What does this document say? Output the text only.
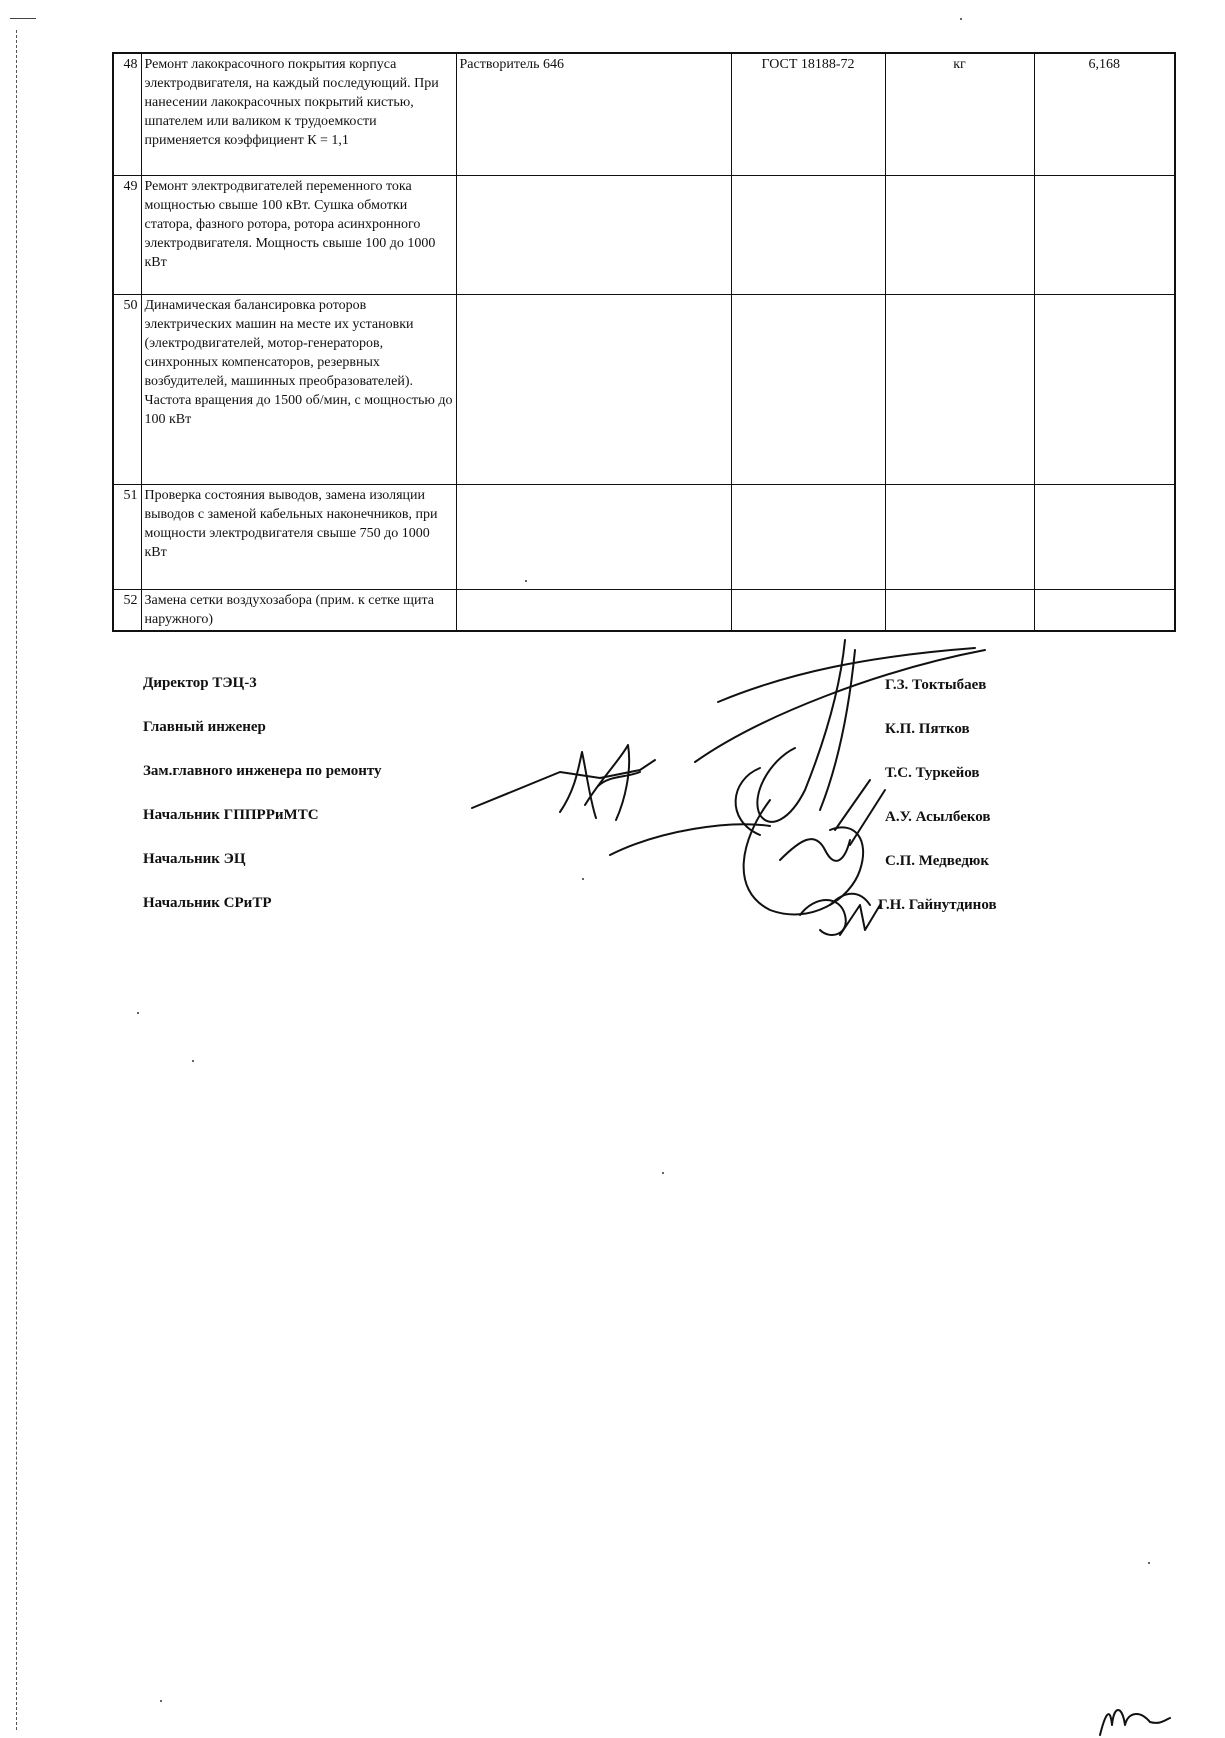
48	Ремонт лакокрасочного покрытия корпуса электродвигателя, на каждый последующий. При нанесении лакокрасочных покрытий кистью, шпателем или валиком к трудоемкости применяется коэффициент К = 1,1	Растворитель 646	ГОСТ 18188-72	кг	6,168
49	Ремонт электродвигателей переменного тока мощностью свыше 100 кВт. Сушка обмотки статора, фазного ротора, ротора асинхронного электродвигателя. Мощность свыше 100 до 1000 кВт				
50	Динамическая балансировка роторов электрических машин на месте их установки (электродвигателей, мотор-генераторов, синхронных компенсаторов, резервных возбудителей, машинных преобразователей). Частота вращения до 1500 об/мин, с мощностью до 100 кВт				
51	Проверка состояния выводов, замена изоляции выводов с заменой кабельных наконечников, при мощности электродвигателя свыше 750 до 1000 кВт				
52	Замена сетки воздухозабора (прим. к сетке щита наружного)				
Директор ТЭЦ-3	Г.З. Токтыбаев
Главный инженер	К.П. Пятков
Зам.главного инженера по ремонту	Т.С. Туркейов
Начальник ГППРРиМТС	А.У. Асылбеков
Начальник ЭЦ	С.П. Медведюк
Начальник СРиТР	Г.Н. Гайнутдинов
